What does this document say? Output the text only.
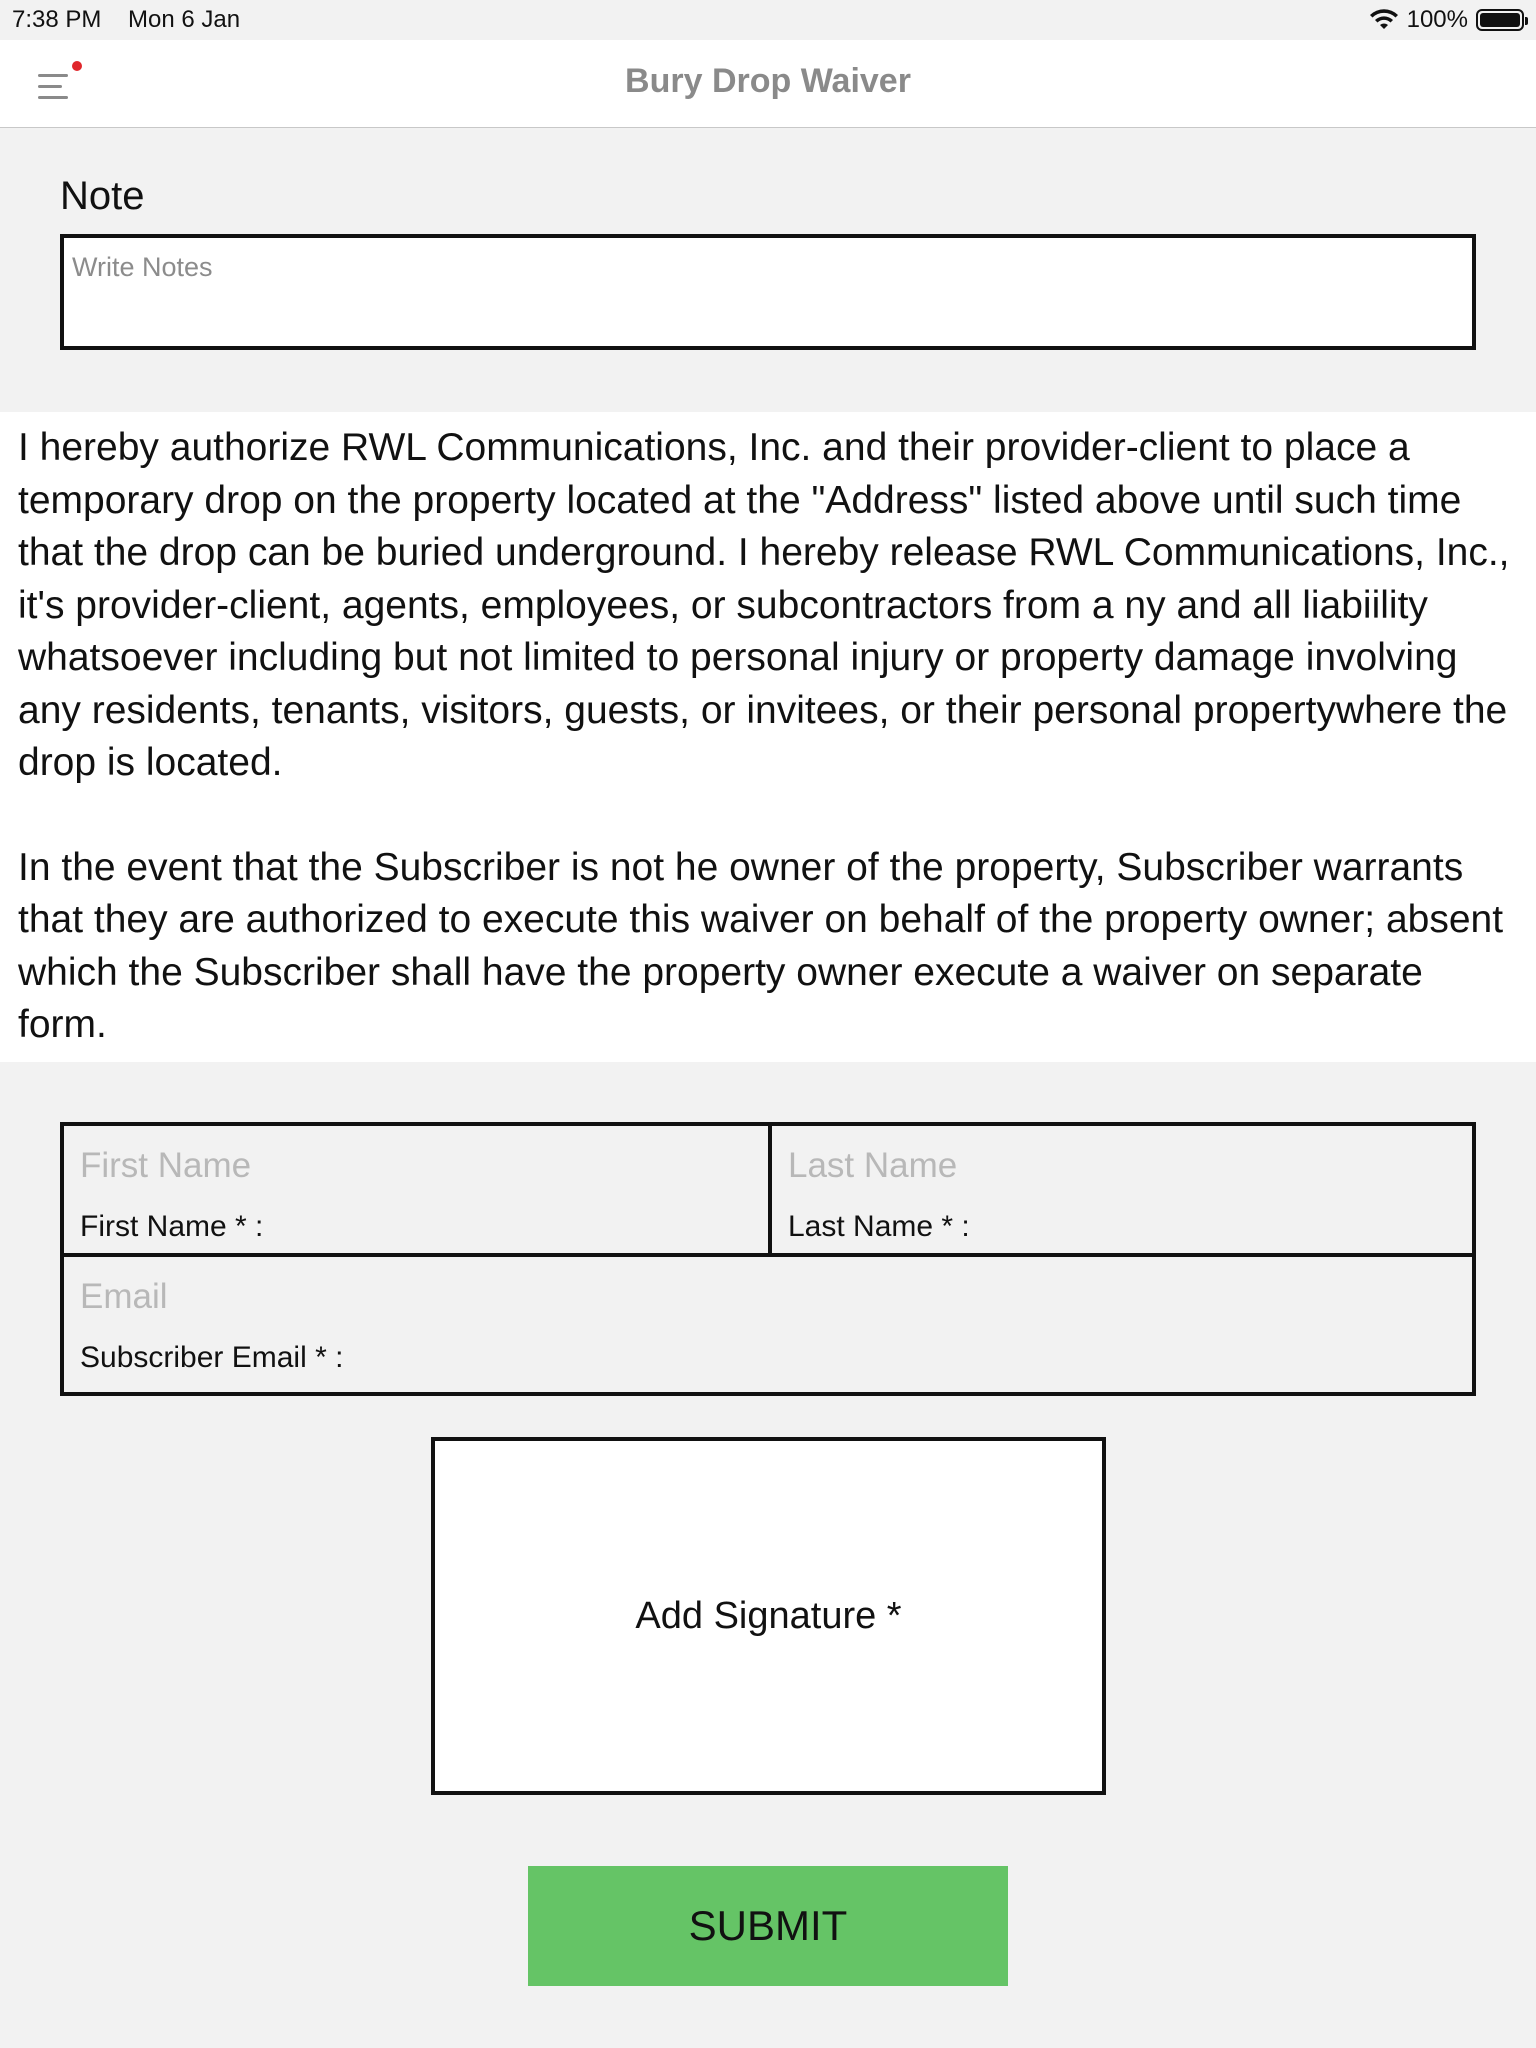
7:38 PM Mon 6 Jan	100%
Bury Drop Waiver
Note
Write Notes

I hereby authorize RWL Communications, Inc. and their provider-client to place a temporary drop on the property located at the "Address" listed above until such time that the drop can be buried underground. I hereby release RWL Communications, Inc., it's provider-client, agents, employees, or subcontractors from a ny and all liabiility whatsoever including but not limited to personal injury or property damage involving any residents, tenants, visitors, guests, or invitees, or their personal propertywhere the drop is located.

In the event that the Subscriber is not he owner of the property, Subscriber warrants that they are authorized to execute this waiver on behalf of the property owner; absent which the Subscriber shall have the property owner execute a waiver on separate form.

First Name
First Name * :
Last Name	Last Name * :
Email
Subscriber Email * :
Add Signature *
SUBMIT
